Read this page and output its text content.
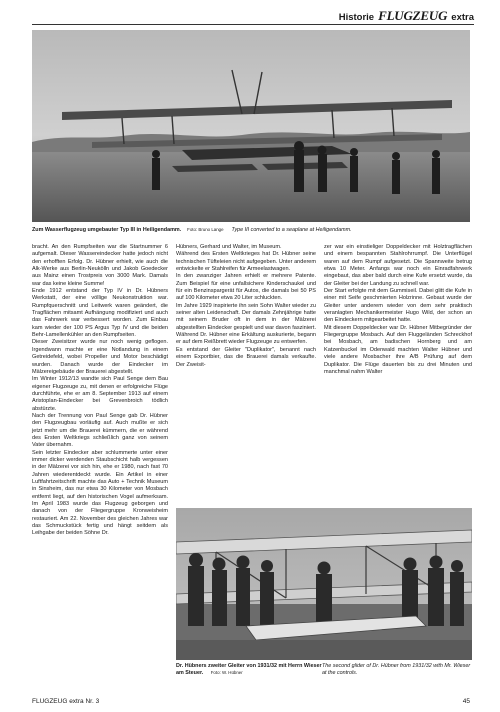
Historie FLUGZEUG extra
Zum Wasserflugzeug umgebauter Typ III in Heiligendamm. Foto: Bruno Lange Type III converted to a seaplane at Heiligendamm.

bracht. An den Rumpfseiten war die Startnummer 6 aufgemalt. Dieser Wassereindecker hatte jedoch nicht den erhofften Erfolg. Dr. Hübner erhielt, wie auch die Alk-Werke aus Berlin-Neukölln und Jakob Goedecker aus Mainz einen Trostpreis von 3000 Mark. Damals war das keine kleine Summe!

Ende 1912 entstand der Typ IV in Dr. Hübners Werkstatt, der eine völlige Neukonstruktion war. Rumpfquerschnitt und Leitwerk waren geändert, die Tragflächen mitsamt Aufhängung modifiziert und auch das Fahrwerk war verbessert worden. Zum Einbau kam wieder der 100 PS Argus Typ IV und die beiden Behr-Lamellenkühler an den Rumpfseiten.

Dieser Zweisitzer wurde nur noch wenig geflogen. Irgendwann machte er eine Notlandung in einem Getreidefeld, wobei Propeller und Motor beschädigt wurden. Danach wurde der Eindecker im Mälzereigebäude der Brauerei abgestellt.

Im Winter 1912/13 wandte sich Paul Senge dem Bau eigener Flugzeuge zu, mit denen er erfolgreiche Flüge durchführte, ehe er am 8. September 1913 auf einem Aristoplan-Eindecker bei Grevenbroich tödlich abstürzte.

Nach der Trennung von Paul Senge gab Dr. Hübner den Flugzeugbau vorläufig auf. Auch mußte er sich jetzt mehr um die Brauerei kümmern, die er während des Ersten Weltkriegs schließlich ganz von seinem Vater übernahm.

Sein letzter Eindecker aber schlummerte unter einer immer dicker werdenden Staubschicht halb vergessen in der Mälzerei vor sich hin, ehe er 1980, nach fast 70 Jahren wiederentdeckt wurde. Ein Artikel in einer Luftfahrtzeitschrift machte das Auto + Technik Museum in Sinsheim, das nur etwa 30 Kilometer von Mosbach entfernt liegt, auf den historischen Vogel aufmerksam. Im April 1983 wurde das Flugzeug geborgen und danach von der Fliegergruppe Kronweisheim restauriert. Am 22. November des gleichen Jahres war das Schmuckstück fertig und hängt seitdem als Leihgabe der beiden Söhne Dr.

Hübners, Gerhard und Walter, im Museum.

Während des Ersten Weltkrieges hat Dr. Hübner seine technischen Tüfteleien nicht aufgegeben. Unter anderem entwickelte er Stahlreifen für Armeelastwagen.

In den zwanziger Jahren erhielt er mehrere Patente. Zum Beispiel für eine unfallsichere Kinderschaukel und für ein Benzinspargerät für Autos, die damals bei 50 PS auf 100 Kilometer etwa 20 Liter schluckten.

Im Jahre 1929 inspirierte ihn sein Sohn Walter wieder zu seiner alten Leidenschaft. Der damals Zehnjährige hatte mit seinem Bruder oft in dem in der Mälzerei abgestellten Eindecker gespielt und war davon fasziniert. Während Dr. Hübner eine Erkältung auskurierte, begann er auf dem Reißbrett wieder Flugzeuge zu entwerfen.

Es entstand der Gleiter "Duplikator", benannt nach einem Exportbier, das die Brauerei damals verkaufte. Der Zweisit-

zer war ein einstieliger Doppeldecker mit Holztragflächen und einem bespannten Stahlrohrrumpf. Die Unterflügel waren auf dem Rumpf aufgesetzt. Die Spannweite betrug etwa 10 Meter. Anfangs war noch ein Einradfahrwerk eingebaut, das aber bald durch eine Kufe ersetzt wurde, da der Gleiter bei der Landung zu schnell war.

Der Start erfolgte mit dem Gummiseil. Dabei glitt die Kufe in einer mit Seife geschmierten Holzrinne. Gebaut wurde der Gleiter unter anderem wieder von dem sehr praktisch veranlagten Mechanikermeister Hugo Wild, der schon an den Eindeckern mitgearbeitet hatte.

Mit diesem Doppeldecker war Dr. Hübner Mitbegründer der Fliegergruppe Mosbach. Auf den Fluggeländen Schreckhof bei Mosbach, am badischen Hornberg und am Katzenbuckel im Odenwald machten Walter Hübner und viele andere Mosbacher ihre A/B Prüfung auf dem Duplikator. Die Flüge dauerten bis zu drei Minuten und manchmal nahm Walter

Dr. Hübners zweiter Gleiter von 1931/32 mit Herrn Wieser am Steuer. Foto: W. Hübner
The second glider of Dr. Hübner from 1931/32 with Mr. Wieser at the controls.
FLUGZEUG extra Nr. 3	45
